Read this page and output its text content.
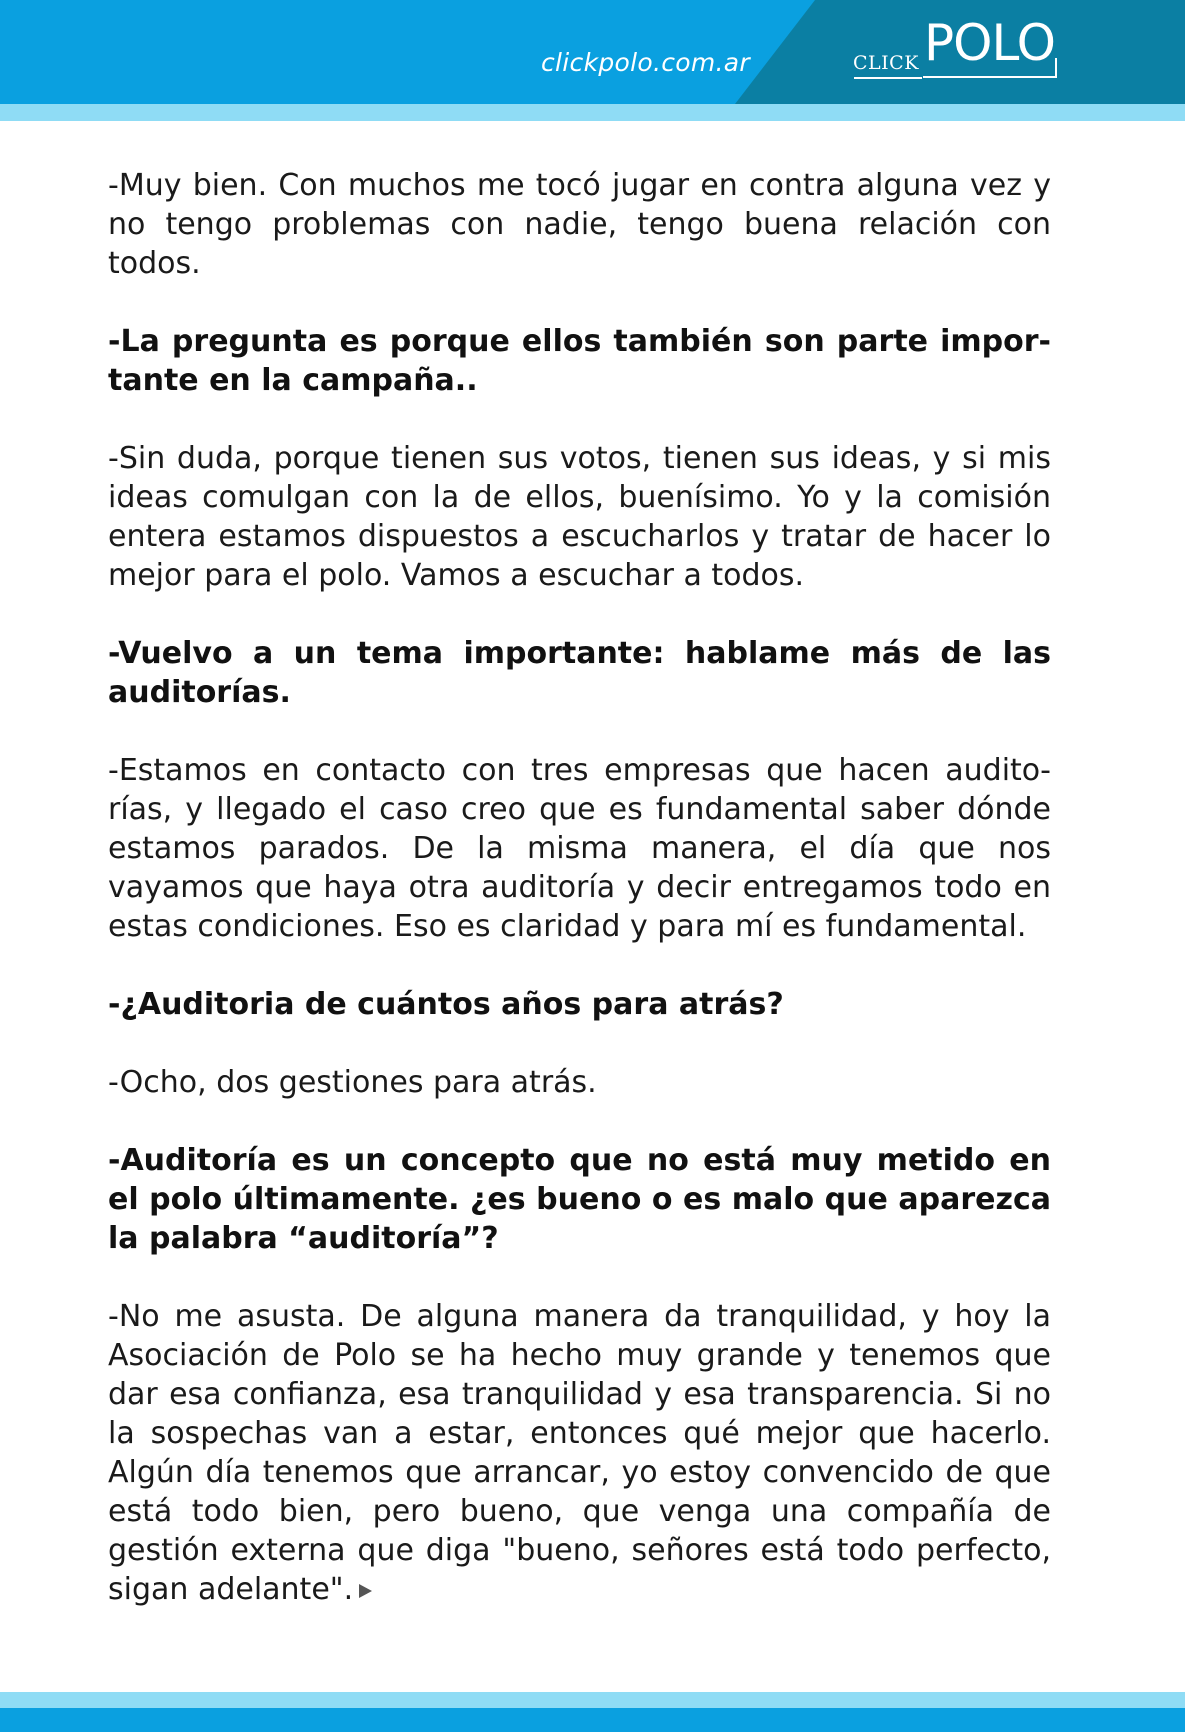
clickpolo.com.ar	CLICK POLO

-Muy bien. Con muchos me tocó jugar en contra alguna vez y no tengo problemas con nadie, tengo buena relación con todos.

-La pregunta es porque ellos también son parte importante en la campaña..

-Sin duda, porque tienen sus votos, tienen sus ideas, y si mis ideas comulgan con la de ellos, buenísimo. Yo y la comisión entera estamos dispuestos a escucharlos y tratar de hacer lo mejor para el polo. Vamos a escuchar a todos.

-Vuelvo a un tema importante: hablame más de las auditorías.

-Estamos en contacto con tres empresas que hacen auditorías, y llegado el caso creo que es fundamental saber dónde estamos parados. De la misma manera, el día que nos vayamos que haya otra auditoría y decir entregamos todo en estas condiciones. Eso es claridad y para mí es fundamental.

-¿Auditoria de cuántos años para atrás?

-Ocho, dos gestiones para atrás.

-Auditoría es un concepto que no está muy metido en el polo últimamente. ¿es bueno o es malo que aparezca la palabra “auditoría”?

-No me asusta. De alguna manera da tranquilidad, y hoy la Asociación de Polo se ha hecho muy grande y tenemos que dar esa confianza, esa tranquilidad y esa transparencia. Si no la sospechas van a estar, entonces qué mejor que hacerlo. Algún día tenemos que arrancar, yo estoy convencido de que está todo bien, pero bueno, que venga una compañía de gestión externa que diga "bueno, señores está todo perfecto, sigan adelante".
